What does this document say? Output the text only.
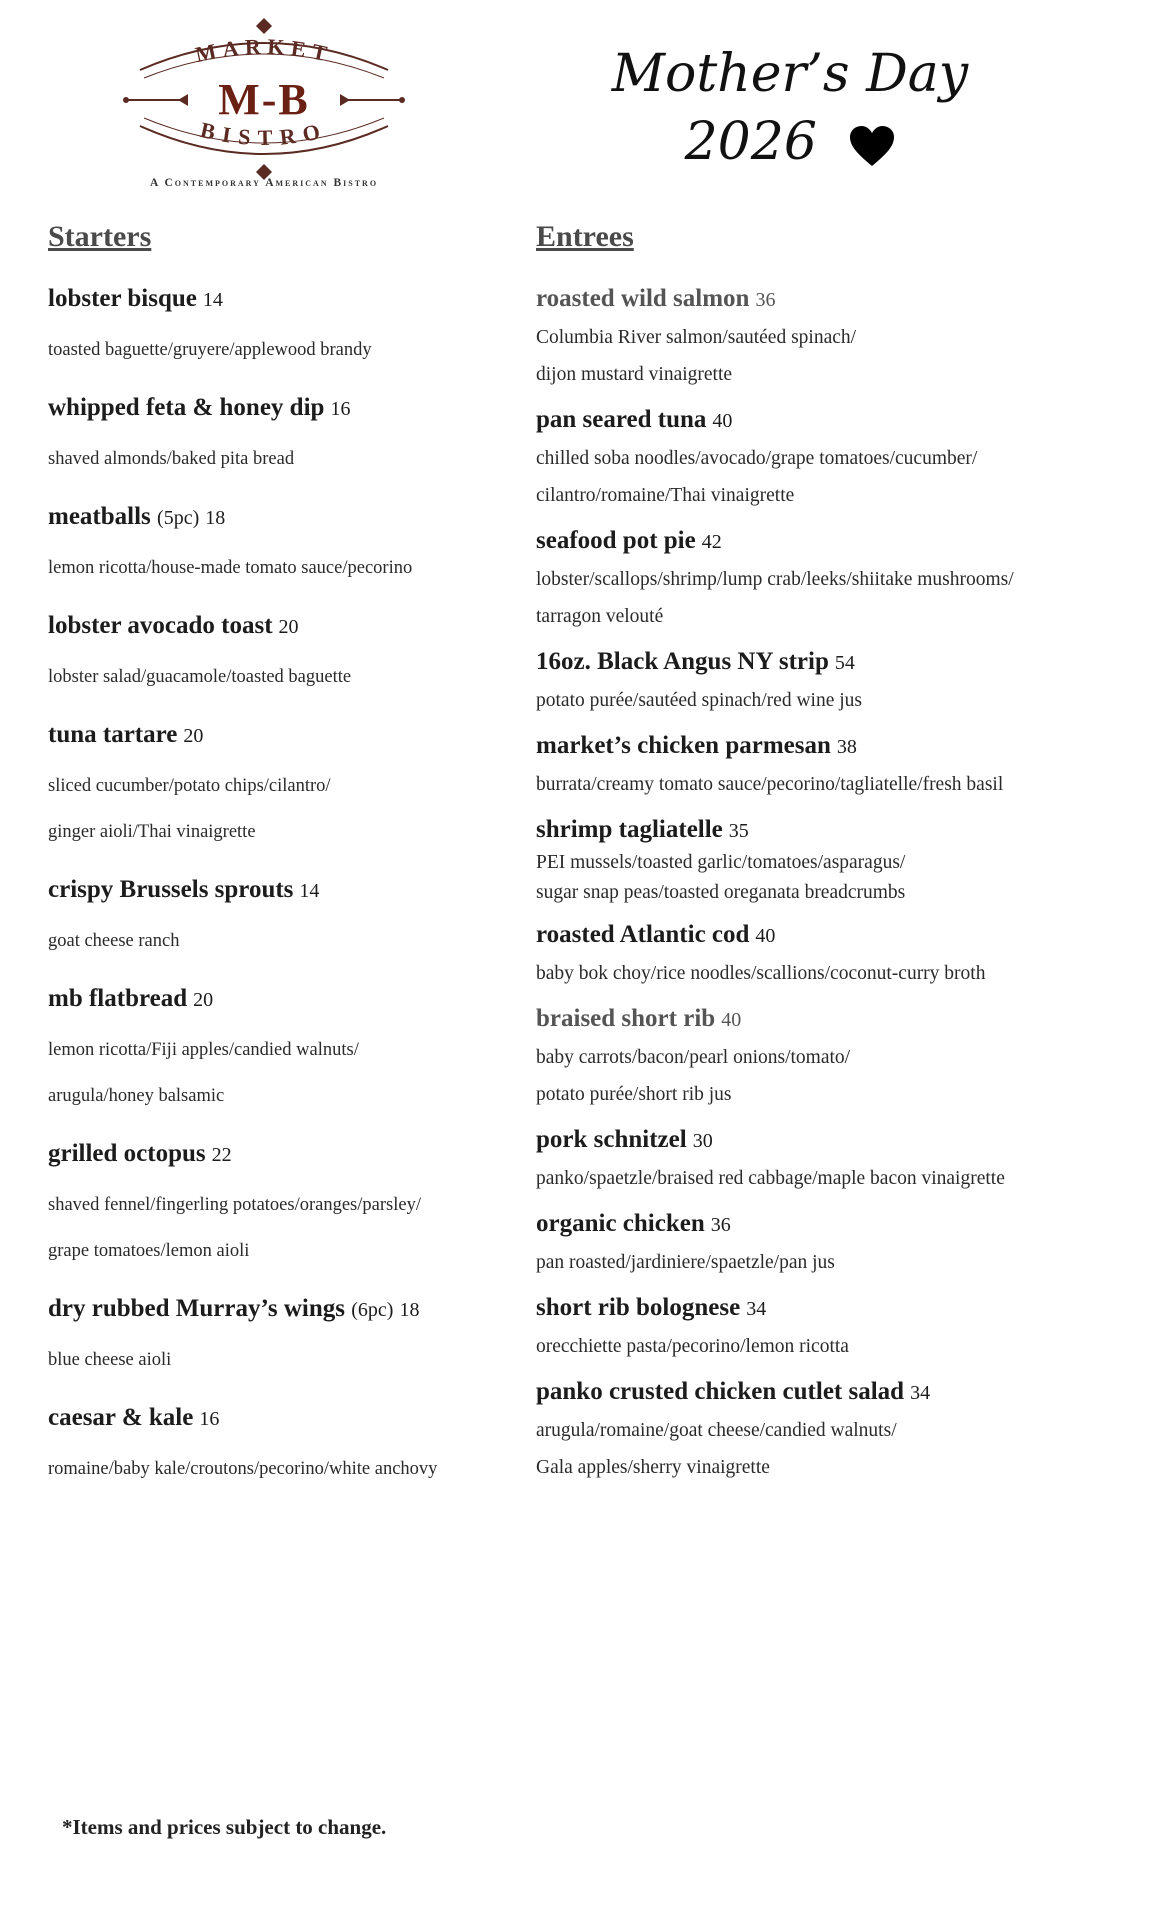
MARKET
BISTRO
M-B
A Contemporary American Bistro
Mother’s Day
2026
Starters
lobster bisque 14
toasted baguette/gruyere/applewood brandy
whipped feta & honey dip 16
shaved almonds/baked pita bread
meatballs (5pc) 18
lemon ricotta/house-made tomato sauce/pecorino
lobster avocado toast 20
lobster salad/guacamole/toasted baguette
tuna tartare 20
sliced cucumber/potato chips/cilantro/
ginger aioli/Thai vinaigrette
crispy Brussels sprouts 14
goat cheese ranch
mb flatbread 20
lemon ricotta/Fiji apples/candied walnuts/
arugula/honey balsamic
grilled octopus 22
shaved fennel/fingerling potatoes/oranges/parsley/
grape tomatoes/lemon aioli
dry rubbed Murray’s wings (6pc) 18
blue cheese aioli
caesar & kale 16
romaine/baby kale/croutons/pecorino/white anchovy
Entrees
roasted wild salmon 36
Columbia River salmon/sautéed spinach/
dijon mustard vinaigrette
pan seared tuna 40
chilled soba noodles/avocado/grape tomatoes/cucumber/
cilantro/romaine/Thai vinaigrette
seafood pot pie 42
lobster/scallops/shrimp/lump crab/leeks/shiitake mushrooms/
tarragon velouté
16oz. Black Angus NY strip 54
potato purée/sautéed spinach/red wine jus
market’s chicken parmesan 38
burrata/creamy tomato sauce/pecorino/tagliatelle/fresh basil
shrimp tagliatelle 35
PEI mussels/toasted garlic/tomatoes/asparagus/
sugar snap peas/toasted oreganata breadcrumbs
roasted Atlantic cod 40
baby bok choy/rice noodles/scallions/coconut-curry broth
braised short rib 40
baby carrots/bacon/pearl onions/tomato/
potato purée/short rib jus
pork schnitzel 30
panko/spaetzle/braised red cabbage/maple bacon vinaigrette
organic chicken 36
pan roasted/jardiniere/spaetzle/pan jus
short rib bolognese 34
orecchiette pasta/pecorino/lemon ricotta
panko crusted chicken cutlet salad 34
arugula/romaine/goat cheese/candied walnuts/
Gala apples/sherry vinaigrette
*Items and prices subject to change.
